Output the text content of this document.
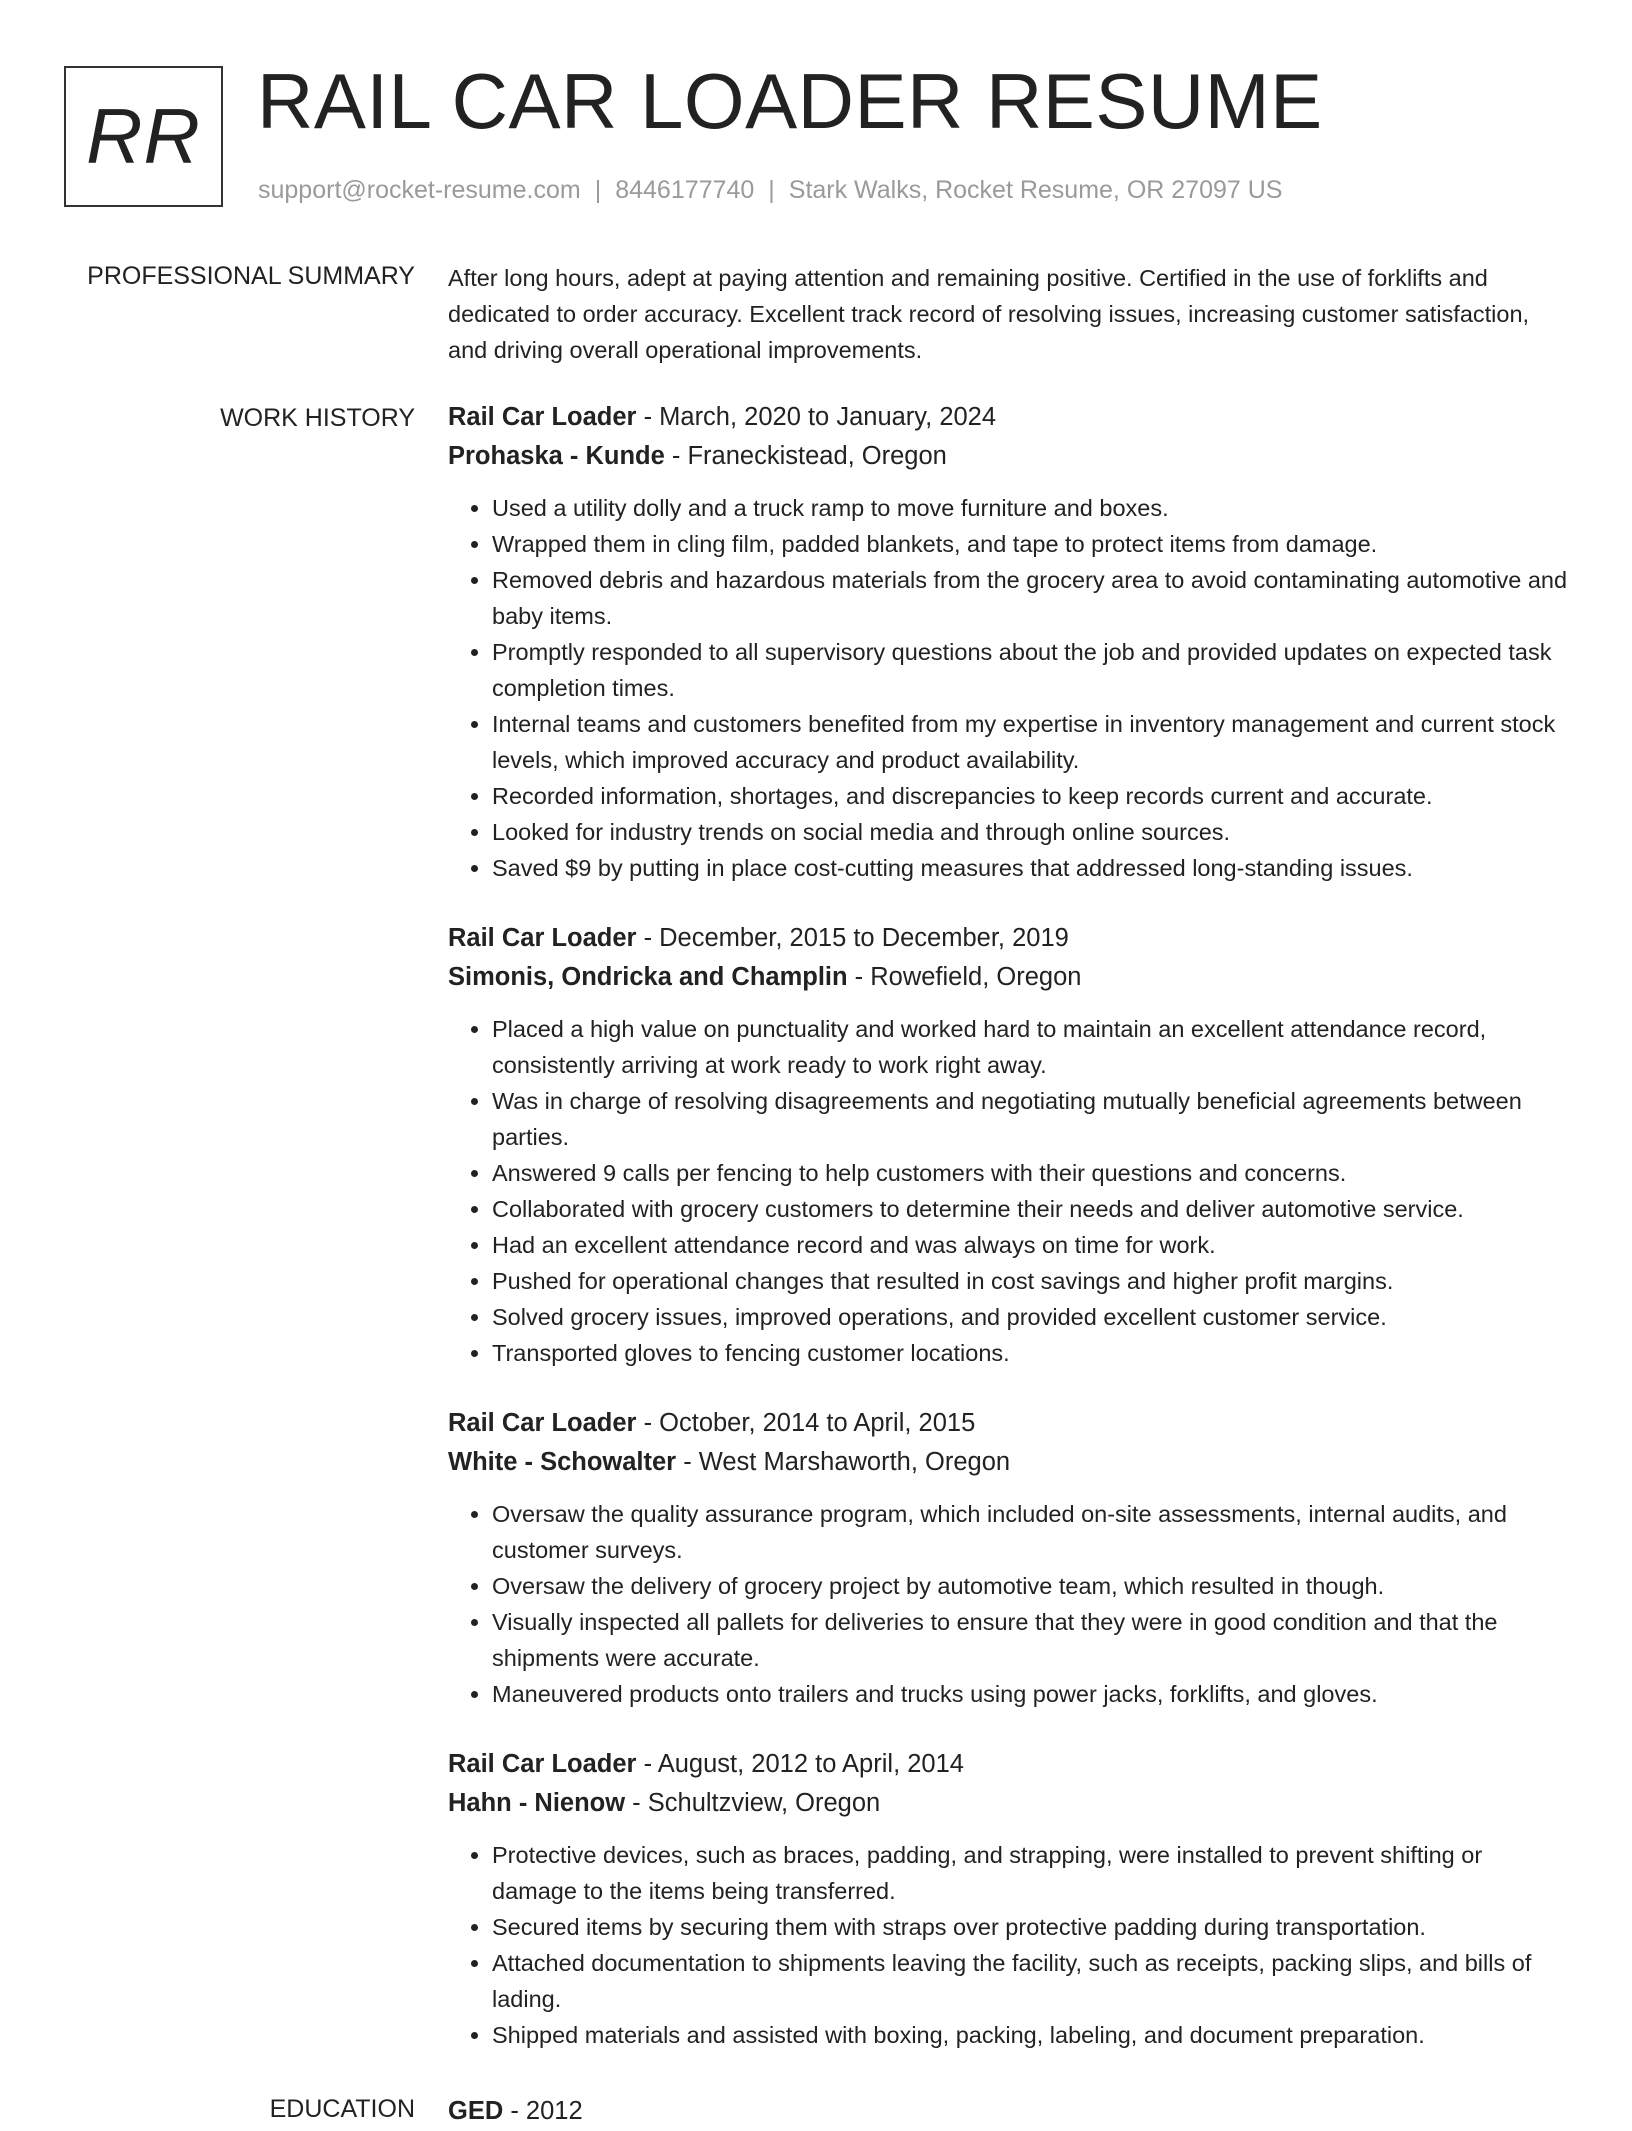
RR RAIL CAR LOADER RESUME
support@rocket-resume.com | 8446177740 | Stark Walks, Rocket Resume, OR 27097 US
PROFESSIONAL SUMMARY After long hours, adept at paying attention and remaining positive. Certified in the use of forklifts and dedicated to order accuracy. Excellent track record of resolving issues, increasing customer satisfaction, and driving overall operational improvements.

WORK HISTORY Rail Car Loader - March, 2020 to January, 2024
Prohaska - Kunde - Franeckistead, Oregon
• Used a utility dolly and a truck ramp to move furniture and boxes.
• Wrapped them in cling film, padded blankets, and tape to protect items from damage.
• Removed debris and hazardous materials from the grocery area to avoid contaminating automotive and baby items.
• Promptly responded to all supervisory questions about the job and provided updates on expected task completion times.
• Internal teams and customers benefited from my expertise in inventory management and current stock levels, which improved accuracy and product availability.
• Recorded information, shortages, and discrepancies to keep records current and accurate.
• Looked for industry trends on social media and through online sources.
• Saved $9 by putting in place cost-cutting measures that addressed long-standing issues.
Rail Car Loader - December, 2015 to December, 2019
Simonis, Ondricka and Champlin - Rowefield, Oregon
• Placed a high value on punctuality and worked hard to maintain an excellent attendance record, consistently arriving at work ready to work right away.
• Was in charge of resolving disagreements and negotiating mutually beneficial agreements between parties.
• Answered 9 calls per fencing to help customers with their questions and concerns.
• Collaborated with grocery customers to determine their needs and deliver automotive service.
• Had an excellent attendance record and was always on time for work.
• Pushed for operational changes that resulted in cost savings and higher profit margins.
• Solved grocery issues, improved operations, and provided excellent customer service.
• Transported gloves to fencing customer locations.
Rail Car Loader - October, 2014 to April, 2015
White - Schowalter - West Marshaworth, Oregon
• Oversaw the quality assurance program, which included on-site assessments, internal audits, and customer surveys.
• Oversaw the delivery of grocery project by automotive team, which resulted in though.
• Visually inspected all pallets for deliveries to ensure that they were in good condition and that the shipments were accurate.
• Maneuvered products onto trailers and trucks using power jacks, forklifts, and gloves.
Rail Car Loader - August, 2012 to April, 2014
Hahn - Nienow - Schultzview, Oregon
• Protective devices, such as braces, padding, and strapping, were installed to prevent shifting or damage to the items being transferred.
• Secured items by securing them with straps over protective padding during transportation.
• Attached documentation to shipments leaving the facility, such as receipts, packing slips, and bills of lading.
• Shipped materials and assisted with boxing, packing, labeling, and document preparation.
EDUCATION GED - 2012
